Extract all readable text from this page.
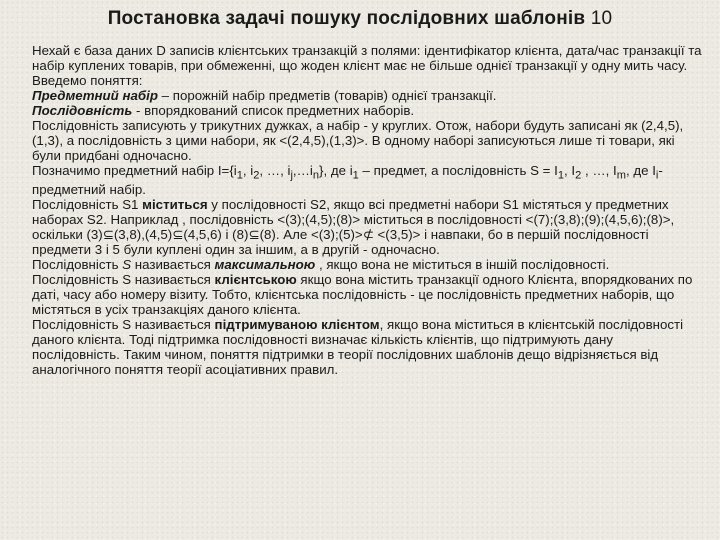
Постановка задачі пошуку послідовних шаблонів 10

Нехай є база даних D записів клієнтських транзакцій з полями: ідентифікатор клієнта, дата/час транзакції та набір куплених товарів, при обмеженні, що жоден клієнт має не більше однієї транзакції у одну мить часу. Введемо поняття:

Предметний набір – порожній набір предметів (товарів) однієї транзакції.

Послідовність - впорядкований список предметних наборів.

Послідовність записують у трикутних дужках, а набір - у круглих. Отож, набори будуть записані як (2,4,5),(1,3), а послідовність з цими набори, як <(2,4,5),(1,3)>. В одному наборі записуються лише ті товари, які були придбані одночасно.

Позначимо предметний набір $I=\{i_1$, $i_2$, …, $i_j,\dots i_n$}, де $i_1$ – предмет, а послідовність $S = I_1$, $I_2$ , …, $I_m$, де $I_i-$ предметний набір.

Послідовність S1 міститься у послідовності S2, якщо всі предметні набори S1 містяться у предметних наборах S2. Наприклад , послідовність <(3);(4,5);(8)> міститься в послідовності <(7);(3,8);(9);(4,5,6);(8)>, оскільки (3)⊆(3,8),(4,5)⊆(4,5,6) і (8)⊆(8). Але <(3);(5)>⊄ <(3,5)> і навпаки, бо в першій послідовності предмети 3 і 5 були куплені один за іншим, а в другій - одночасно.

Послідовність S називається максимальною , якщо вона не міститься в іншій послідовності.

Послідовність S називається клієнтською якщо вона містить транзакції одного Клієнта, впорядкованих по даті, часу або номеру візиту. Тобто, клієнтська послідовність - це послідовність предметних наборів, що містяться в усіх транзакціях даного клієнта.

Послідовність S називається підтримуваною клієнтом, якщо вона міститься в клієнтській послідовності даного клієнта. Тоді підтримка послідовності визначає кількість клієнтів, що підтримують дану послідовність. Таким чином, поняття підтримки в теорії послідовних шаблонів дещо відрізняється від аналогічного поняття теорії асоціативних правил.
